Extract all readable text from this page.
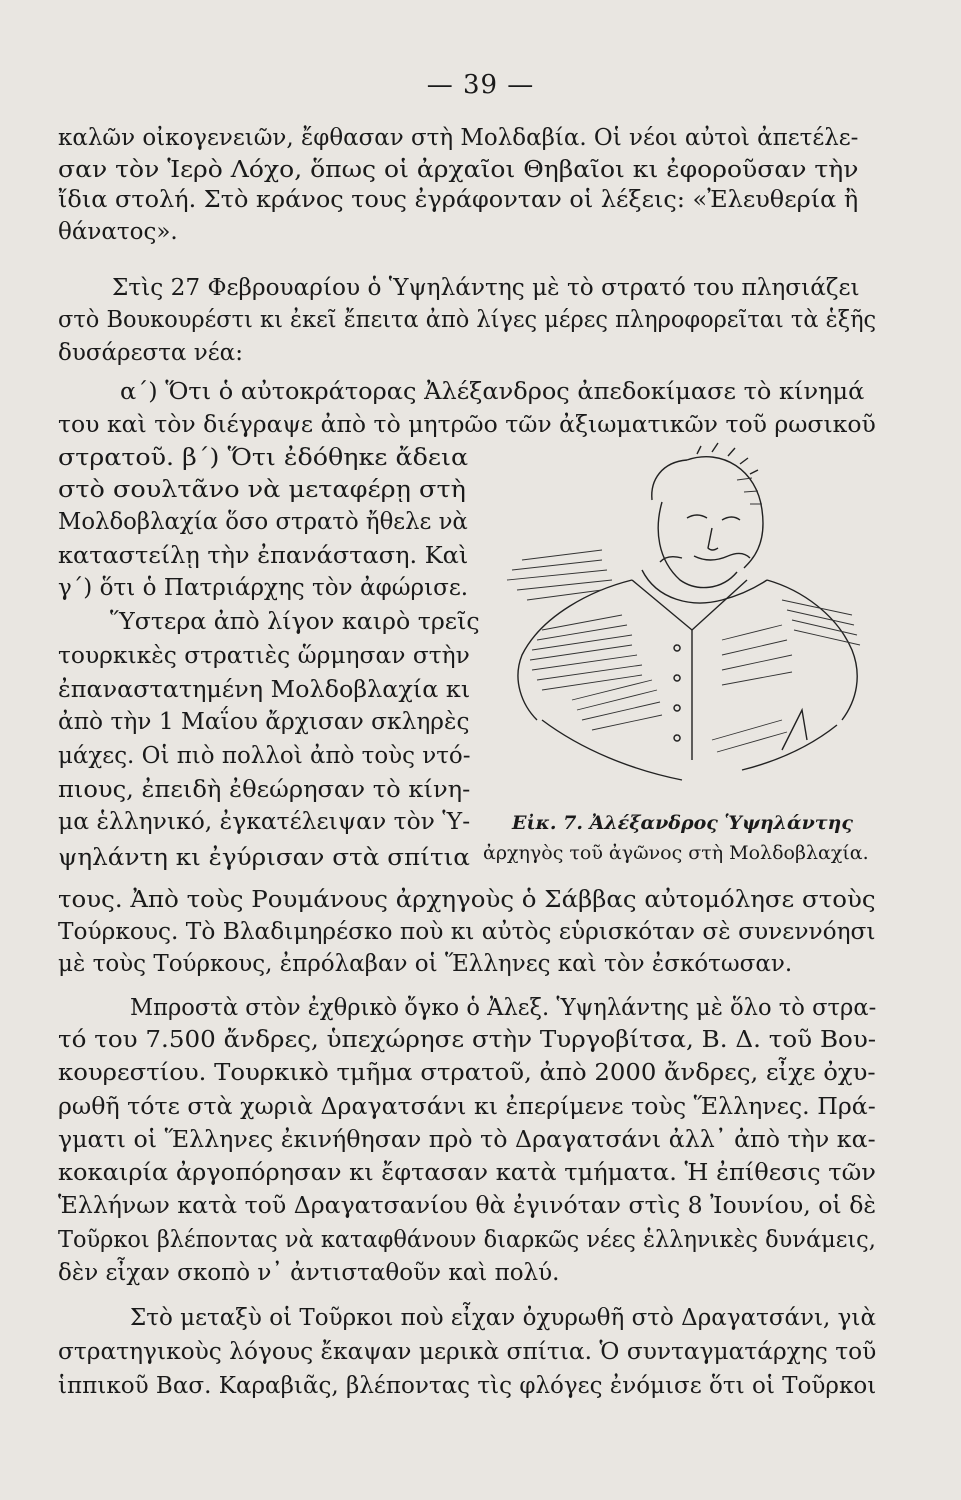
— 39 —
καλῶν οἰκογενειῶν, ἔφθασαν στὴ Μολδαβία. Οἱ νέοι αὐτοὶ ἀπετέλε-
σαν τὸν Ἱερὸ Λόχο, ὅπως οἱ ἀρχαῖοι Θηβαῖοι κι ἐφοροῦσαν τὴν
ἴδια στολή. Στὸ κράνος τους ἐγράφονταν οἱ λέξεις: «Ἐλευθερία ἢ
θάνατος».
Στὶς 27 Φεβρουαρίου ὁ Ὑψηλάντης μὲ τὸ στρατό του πλησιάζει
στὸ Βουκουρέστι κι ἐκεῖ ἔπειτα ἀπὸ λίγες μέρες πληροφορεῖται τὰ ἑξῆς
δυσάρεστα νέα:
α΄) Ὅτι ὁ αὐτοκράτορας Ἀλέξανδρος ἀπεδοκίμασε τὸ κίνημά
του καὶ τὸν διέγραψε ἀπὸ τὸ μητρῶο τῶν ἀξιωματικῶν τοῦ ρωσικοῦ
στρατοῦ. β΄) Ὅτι ἐδόθηκε ἄδεια
στὸ σουλτᾶνο νὰ μεταφέρῃ στὴ
Μολδοβλαχία ὅσο στρατὸ ἤθελε νὰ
καταστείλῃ τὴν ἐπανάσταση. Καὶ
γ΄) ὅτι ὁ Πατριάρχης τὸν ἀφώρισε.
Ὕστερα ἀπὸ λίγον καιρὸ τρεῖς
τουρκικὲς στρατιὲς ὥρμησαν στὴν
ἐπαναστατημένη Μολδοβλαχία κι
ἀπὸ τὴν 1 Μαΐου ἄρχισαν σκληρὲς
μάχες. Οἱ πιὸ πολλοὶ ἀπὸ τοὺς ντό-
πιους, ἐπειδὴ ἐθεώρησαν τὸ κίνη-
μα ἑλληνικό, ἐγκατέλειψαν τὸν Ὑ-
ψηλάντη κι ἐγύρισαν στὰ σπίτια
τους. Ἀπὸ τοὺς Ρουμάνους ἀρχηγοὺς ὁ Σάββας αὐτομόλησε στοὺς
Τούρκους. Τὸ Βλαδιμηρέσκο ποὺ κι αὐτὸς εὑρισκόταν σὲ συνεννόησι
μὲ τοὺς Τούρκους, ἐπρόλαβαν οἱ Ἕλληνες καὶ τὸν ἐσκότωσαν.
Μπροστὰ στὸν ἐχθρικὸ ὄγκο ὁ Ἀλεξ. Ὑψηλάντης μὲ ὅλο τὸ στρα-
τό του 7.500 ἄνδρες, ὑπεχώρησε στὴν Τυργοβίτσα, Β. Δ. τοῦ Βου-
κουρεστίου. Τουρκικὸ τμῆμα στρατοῦ, ἀπὸ 2000 ἄνδρες, εἶχε ὀχυ-
ρωθῆ τότε στὰ χωριὰ Δραγατσάνι κι ἐπερίμενε τοὺς Ἕλληνες. Πρά-
γματι οἱ Ἕλληνες ἐκινήθησαν πρὸ τὸ Δραγατσάνι ἀλλ᾿ ἀπὸ τὴν κα-
κοκαιρία ἀργοπόρησαν κι ἔφτασαν κατὰ τμήματα. Ἡ ἐπίθεσις τῶν
Ἑλλήνων κατὰ τοῦ Δραγατσανίου θὰ ἐγινόταν στὶς 8 Ἰουνίου, οἱ δὲ
Τοῦρκοι βλέποντας νὰ καταφθάνουν διαρκῶς νέες ἑλληνικὲς δυνάμεις,
δὲν εἶχαν σκοπὸ ν᾿ ἀντισταθοῦν καὶ πολύ.
Στὸ μεταξὺ οἱ Τοῦρκοι ποὺ εἶχαν ὀχυρωθῆ στὸ Δραγατσάνι, γιὰ
στρατηγικοὺς λόγους ἔκαψαν μερικὰ σπίτια. Ὁ συνταγματάρχης τοῦ
ἱππικοῦ Βασ. Καραβιᾶς, βλέποντας τὶς φλόγες ἐνόμισε ὅτι οἱ Τοῦρκοι
Εἰκ. 7. Ἀλέξανδρος Ὑψηλάντης
ἀρχηγὸς τοῦ ἀγῶνος στὴ Μολδοβλαχία.
